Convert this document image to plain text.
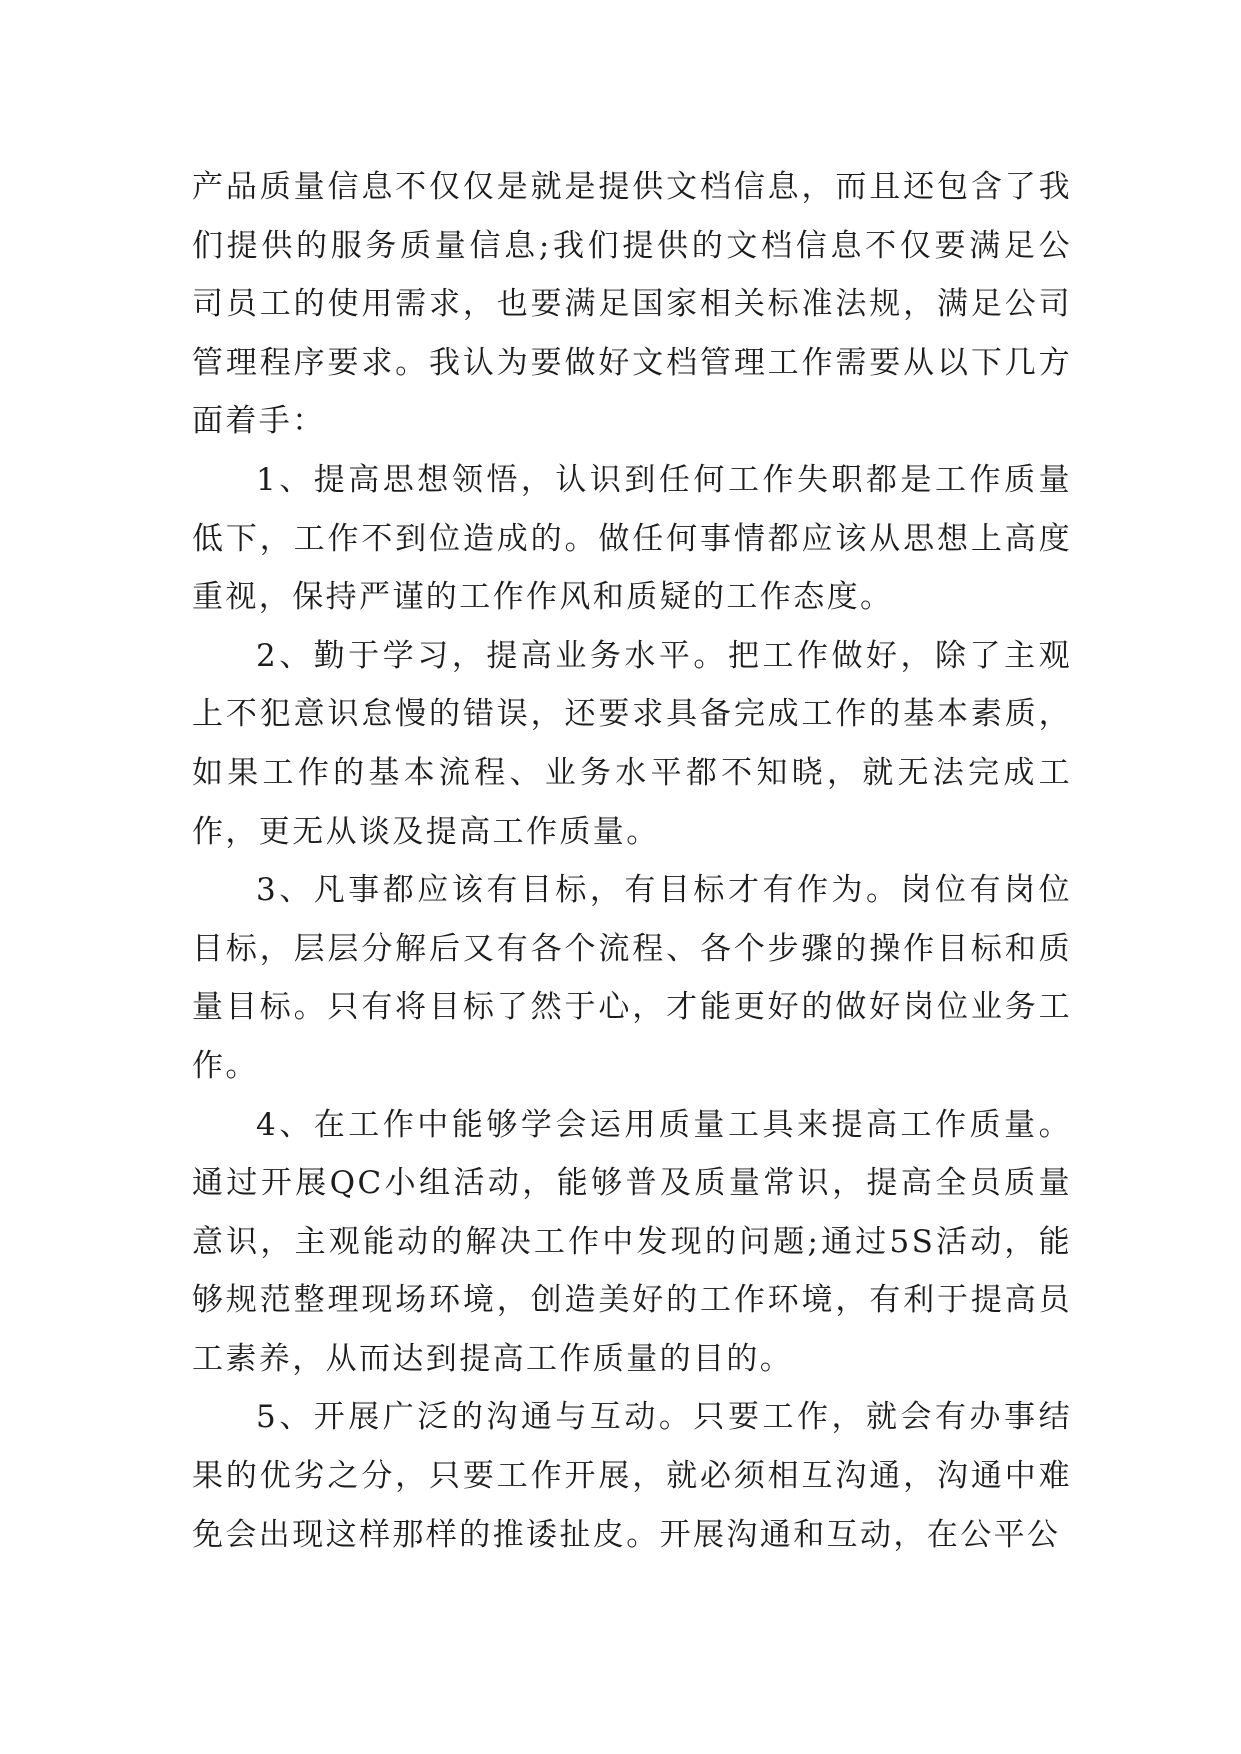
产品质量信息不仅仅是就是提供文档信息，而且还包含了我们提供的服务质量信息;我们提供的文档信息不仅要满足公司员工的使用需求，也要满足国家相关标准法规，满足公司管理程序要求。我认为要做好文档管理工作需要从以下几方面着手：

1、提高思想领悟，认识到任何工作失职都是工作质量低下，工作不到位造成的。做任何事情都应该从思想上高度重视，保持严谨的工作作风和质疑的工作态度。

2、勤于学习，提高业务水平。把工作做好，除了主观上不犯意识怠慢的错误，还要求具备完成工作的基本素质，如果工作的基本流程、业务水平都不知晓，就无法完成工作，更无从谈及提高工作质量。

3、凡事都应该有目标，有目标才有作为。岗位有岗位目标，层层分解后又有各个流程、各个步骤的操作目标和质量目标。只有将目标了然于心，才能更好的做好岗位业务工作。

4、在工作中能够学会运用质量工具来提高工作质量。通过开展QC小组活动，能够普及质量常识，提高全员质量意识，主观能动的解决工作中发现的问题;通过5S活动，能够规范整理现场环境，创造美好的工作环境，有利于提高员工素养，从而达到提高工作质量的目的。

5、开展广泛的沟通与互动。只要工作，就会有办事结果的优劣之分，只要工作开展，就必须相互沟通，沟通中难免会出现这样那样的推诿扯皮。开展沟通和互动，在公平公
